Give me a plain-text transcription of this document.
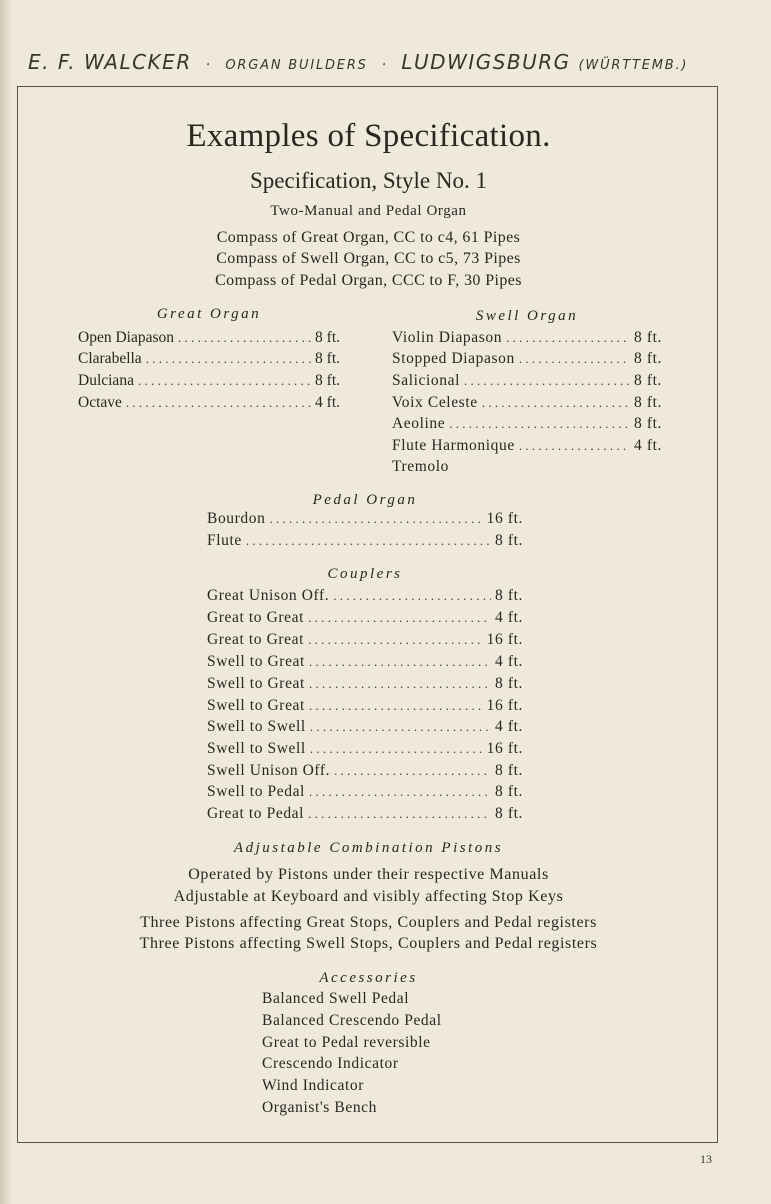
E. F. WALCKER · ORGAN BUILDERS · LUDWIGSBURG (WÜRTTEMB.)
Examples of Specification.
Specification, Style No. 1
Two-Manual and Pedal Organ
Compass of Great Organ, CC to c4, 61 Pipes
Compass of Swell Organ, CC to c5, 73 Pipes
Compass of Pedal Organ, CCC to F, 30 Pipes
Great Organ
Open Diapason . . .	8 ft.
Clarabella . . .	8 ft.
Dulciana . . .	8 ft.
Octave . . .	4 ft.
Swell Organ
Violin Diapason . . .	8 ft.
Stopped Diapason . . .	8 ft.
Salicional . . .	8 ft.
Voix Celeste . . .	8 ft.
Aeoline . . .	8 ft.
Flute Harmonique . . .	4 ft.
Tremolo
Pedal Organ
Bourdon . . .	16 ft.
Flute . . .	8 ft.
Couplers
Great Unison Off. . . .	8 ft.
Great to Great . . .	4 ft.
Great to Great . . .	16 ft.
Swell to Great . . .	4 ft.
Swell to Great . . .	8 ft.
Swell to Great . . .	16 ft.
Swell to Swell . . .	4 ft.
Swell to Swell . . .	16 ft.
Swell Unison Off. . . .	8 ft.
Swell to Pedal . . .	8 ft.
Great to Pedal . . .	8 ft.
Adjustable Combination Pistons
Operated by Pistons under their respective Manuals
Adjustable at Keyboard and visibly affecting Stop Keys
Three Pistons affecting Great Stops, Couplers and Pedal registers
Three Pistons affecting Swell Stops, Couplers and Pedal registers
Accessories
Balanced Swell Pedal
Balanced Crescendo Pedal
Great to Pedal reversible
Crescendo Indicator
Wind Indicator
Organist's Bench
13
